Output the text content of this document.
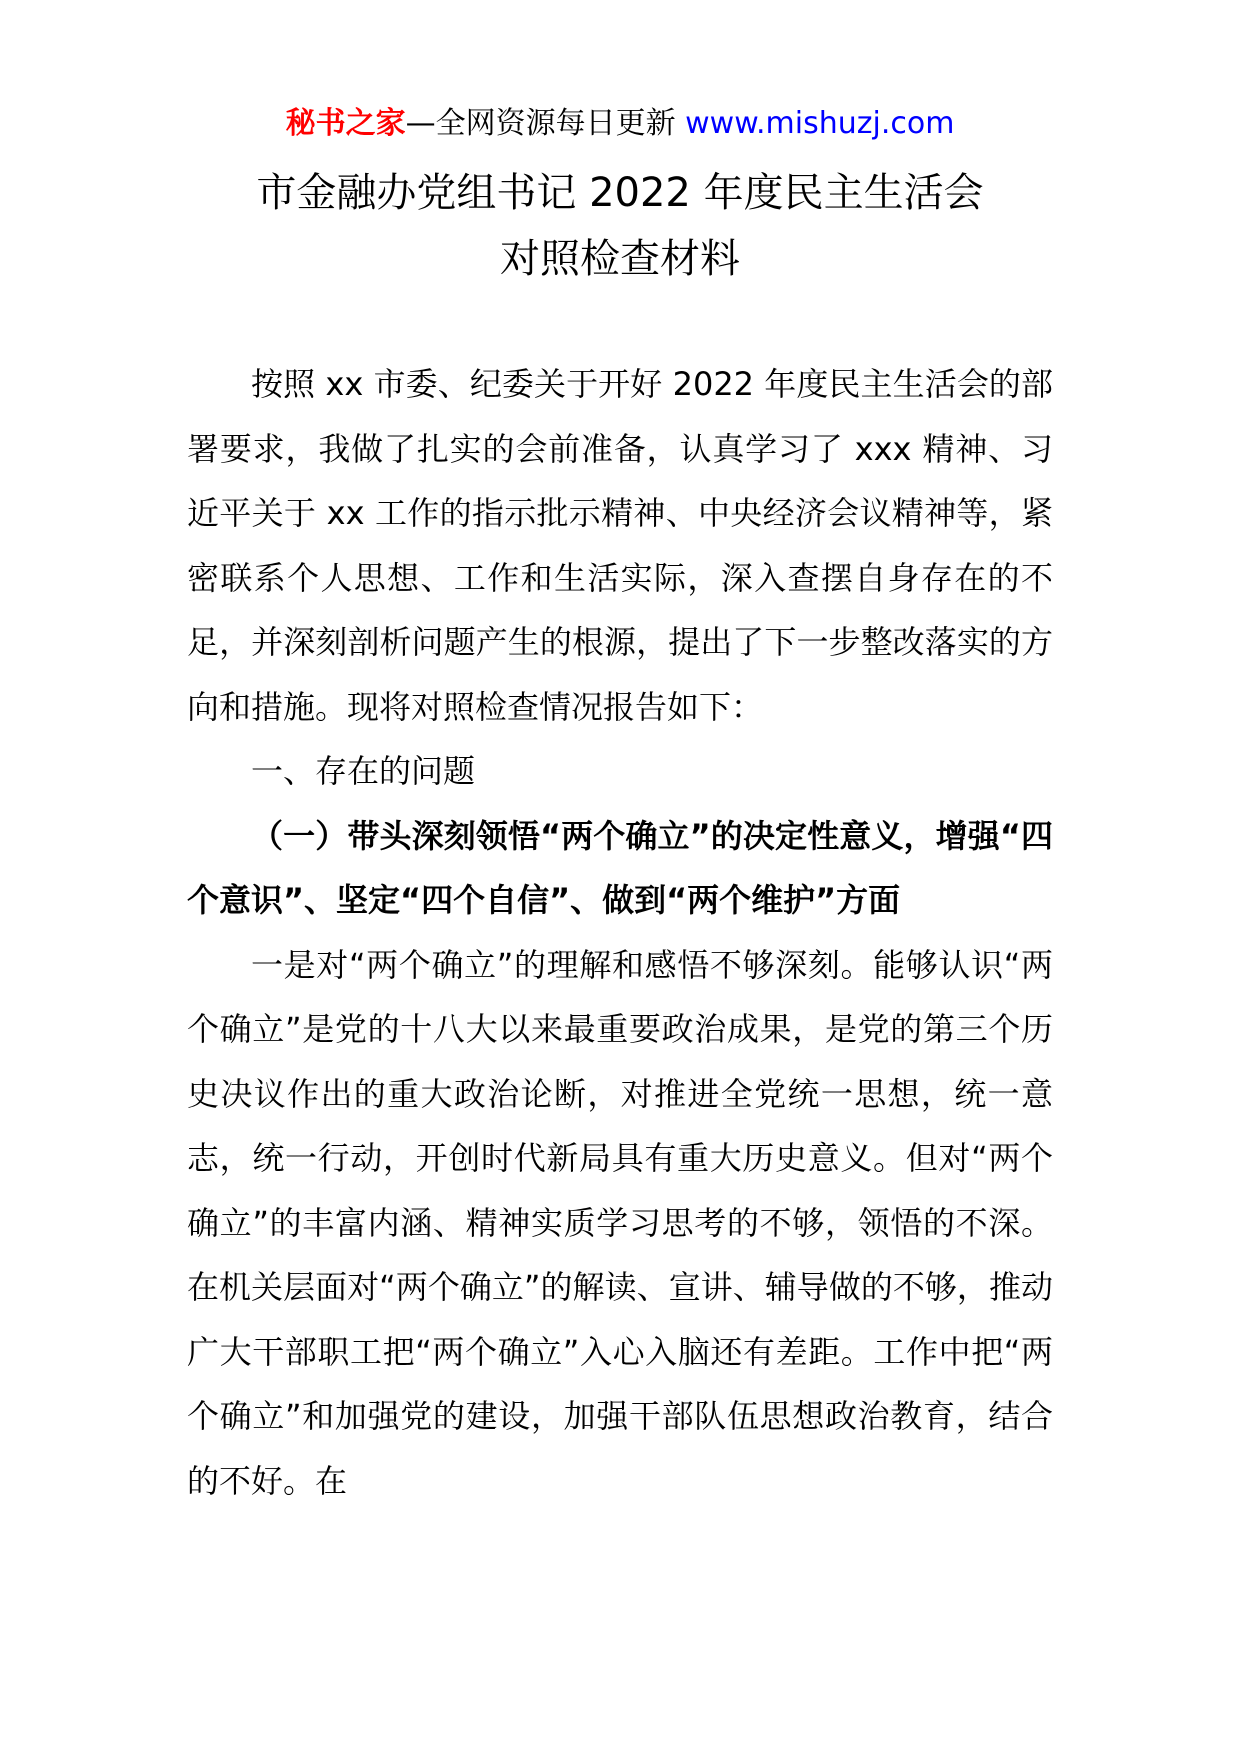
秘书之家—全网资源每日更新 www.mishuzj.com
市金融办党组书记 2022 年度民主生活会
对照检查材料

按照 xx 市委、纪委关于开好 2022 年度民主生活会的部署要求，我做了扎实的会前准备，认真学习了 xxx 精神、习近平关于 xx 工作的指示批示精神、中央经济会议精神等，紧密联系个人思想、工作和生活实际，深入查摆自身存在的不足，并深刻剖析问题产生的根源，提出了下一步整改落实的方向和措施。现将对照检查情况报告如下：

一、存在的问题

（一）带头深刻领悟“两个确立”的决定性意义，增强“四个意识”、坚定“四个自信”、做到“两个维护”方面

一是对“两个确立”的理解和感悟不够深刻。能够认识“两个确立”是党的十八大以来最重要政治成果，是党的第三个历史决议作出的重大政治论断，对推进全党统一思想，统一意志，统一行动，开创时代新局具有重大历史意义。但对“两个确立”的丰富内涵、精神实质学习思考的不够，领悟的不深。在机关层面对“两个确立”的解读、宣讲、辅导做的不够，推动广大干部职工把“两个确立”入心入脑还有差距。工作中把“两个确立”和加强党的建设，加强干部队伍思想政治教育，结合的不好。在
